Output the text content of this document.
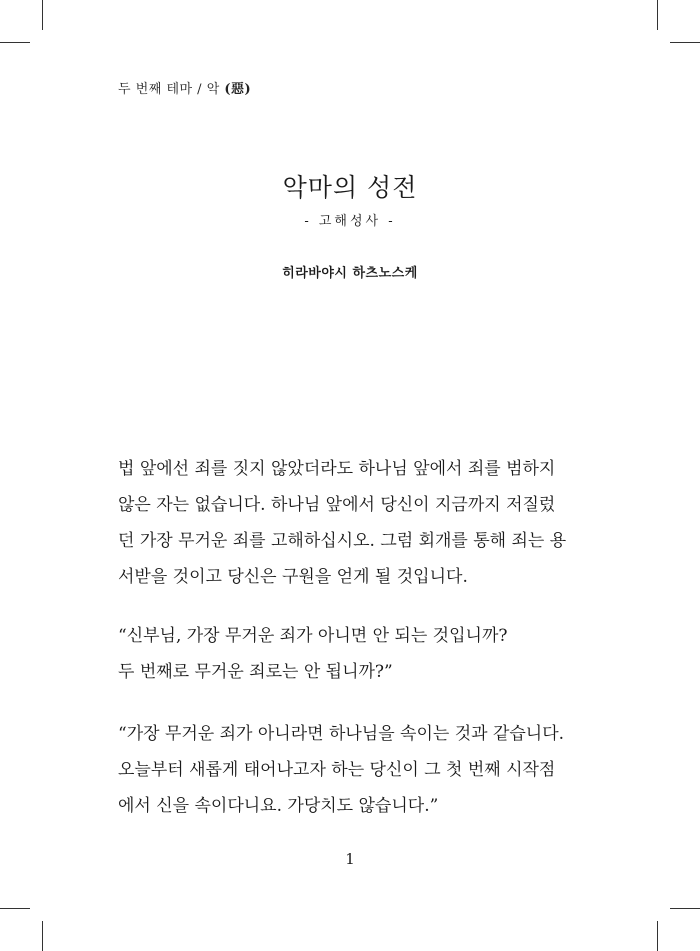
두 번째 테마 / 악 (惡)
악마의 성전
- 고해성사 -
히라바야시 하츠노스케

법 앞에선 죄를 짓지 않았더라도 하나님 앞에서 죄를 범하지
않은 자는 없습니다. 하나님 앞에서 당신이 지금까지 저질렀
던 가장 무거운 죄를 고해하십시오. 그럼 회개를 통해 죄는 용
서받을 것이고 당신은 구원을 얻게 될 것입니다.

“신부님, 가장 무거운 죄가 아니면 안 되는 것입니까?
두 번째로 무거운 죄로는 안 됩니까?”

“가장 무거운 죄가 아니라면 하나님을 속이는 것과 같습니다.
오늘부터 새롭게 태어나고자 하는 당신이 그 첫 번째 시작점
에서 신을 속이다니요. 가당치도 않습니다.”

1
